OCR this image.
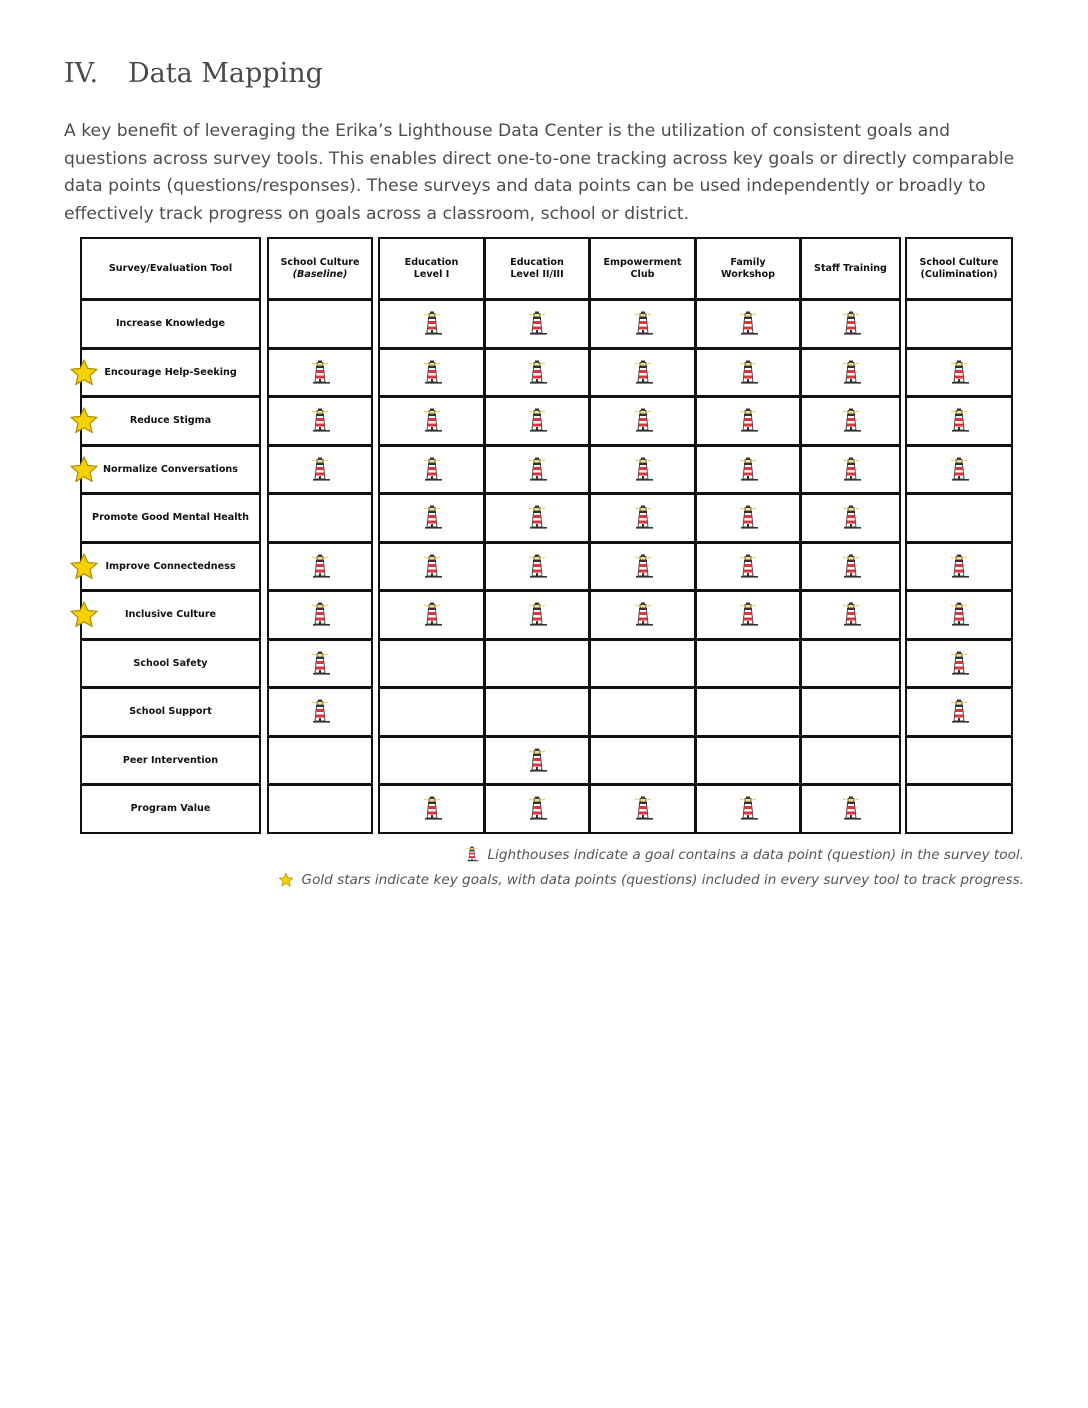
IV.	Data Mapping

A key benefit of leveraging the Erika’s Lighthouse Data Center is the utilization of consistent goals and questions across survey tools. This enables direct one-to-one tracking across key goals or directly comparable data points (questions/responses). These surveys and data points can be used independently or broadly to effectively track progress on goals across a classroom, school or district.

Survey/Evaluation Tool
School Culture
(Baseline)
Education
Level I
Education
Level II/III
Empowerment
Club
Family
Workshop
Staff Training
School Culture
(Culimination)
Increase Knowledge
Encourage Help-Seeking
Reduce Stigma
Normalize Conversations
Promote Good Mental Health
Improve Connectedness
Inclusive Culture
School Safety
School Support
Peer Intervention
Program Value
Lighthouses indicate a goal contains a data point (question) in the survey tool.
Gold stars indicate key goals, with data points (questions) included in every survey tool to track progress.
